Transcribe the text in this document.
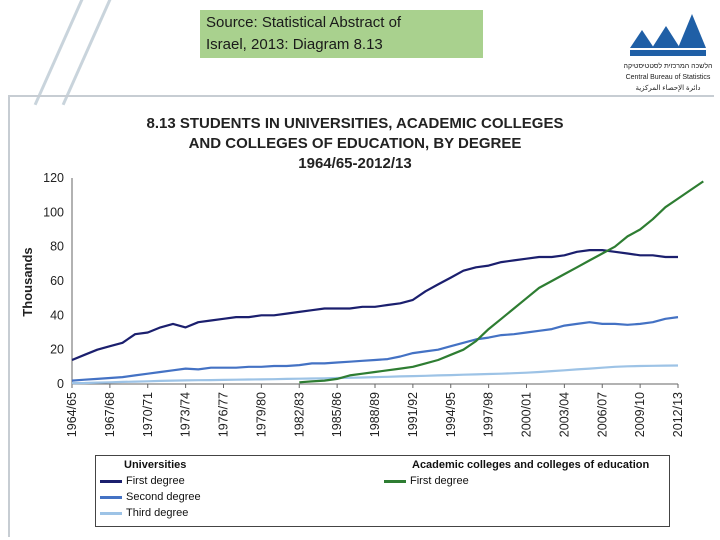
Source: Statistical Abstract of
Israel, 2013: Diagram 8.13
הלשכה המרכזית לסטטיסטיקה
Central Bureau of Statistics
دائرة الإحصاء المركزية
8.13 STUDENTS IN UNIVERSITIES, ACADEMIC COLLEGES
AND COLLEGES OF EDUCATION, BY DEGREE
1964/65-2012/13
Thousands
0
20
40
60
80
100
120
1964/65 1967/68 1970/71 1973/74 1976/77 1979/80 1982/83 1985/86 1988/89 1991/92 1994/95 1997/98 2000/01 2003/04 2006/07 2009/10 2012/13
Universities	Academic colleges and colleges of education
First degree
Second degree
Third degree
First degree
